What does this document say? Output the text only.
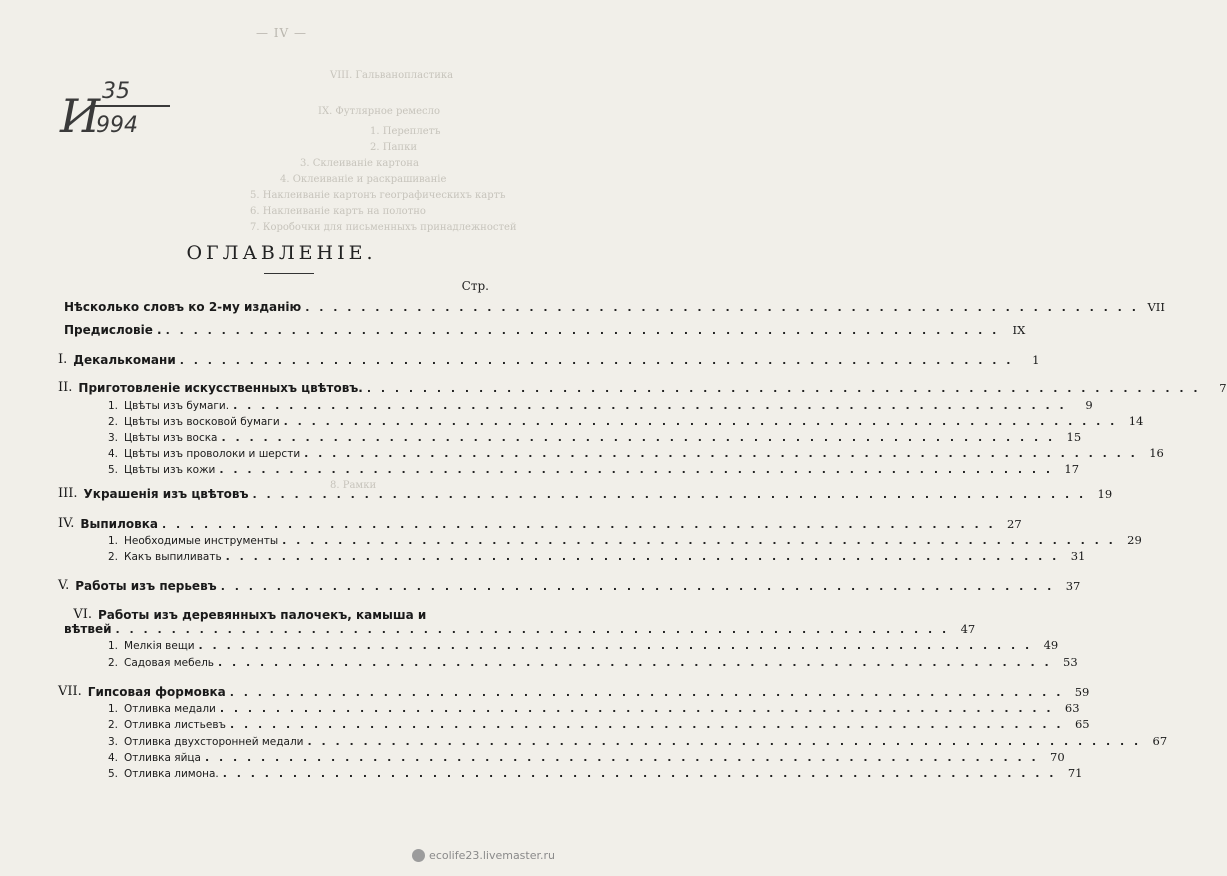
— IV —
VIII. Гальванопластика
IX. Футлярное ремесло
1. Переплетъ
2. Папки
3. Склеиваніе картона
4. Оклеиваніе и раскрашиваніе
5. Наклеиваніе картонъ географическихъ картъ
6. Наклеиваніе картъ на полотно
7. Коробочки для письменныхъ принадлежностей
8. Рамки
И 35
994
ОГЛАВЛЕНІЕ.
Стр.
Нѣсколько словъ ко 2-му изданію . . . . . . . . . . . . . . . . . . . . . . . . . . . . . . . . . . . . . . . . . . . . . . . . . . . . . . . . . . . . VII
Предисловіе . . . . . . . . . . . . . . . . . . . . . . . . . . . . . . . . . . . . . . . . . . . . . . . . . . . . . . . . . . . . .	IX
I. Декалькомани . . . . . . . . . . . . . . . . . . . . . . . . . . . . . . . . . . . . . . . . . . . . . . . . . . . . . . . . . . . .	1
II. Приготовленіе искусственныхъ цвѣтовъ. . . . . . . . . . . . . . . . . . . . . . . . . . . . . . . . . . . . . . . . . . . . . . . . . . . . . . . . . . . . .	7
1. Цвѣты изъ бумаги. . . . . . . . . . . . . . . . . . . . . . . . . . . . . . . . . . . . . . . . . . . . . . . . . . . . . . . . . . . . .	9
2. Цвѣты изъ восковой бумаги . . . . . . . . . . . . . . . . . . . . . . . . . . . . . . . . . . . . . . . . . . . . . . . . . . . . . . . . . . . . 14
3. Цвѣты изъ воска . . . . . . . . . . . . . . . . . . . . . . . . . . . . . . . . . . . . . . . . . . . . . . . . . . . . . . . . . . . . 15
4. Цвѣты изъ проволоки и шерсти . . . . . . . . . . . . . . . . . . . . . . . . . . . . . . . . . . . . . . . . . . . . . . . . . . . . . . . . . . . . 16
5. Цвѣты изъ кожи . . . . . . . . . . . . . . . . . . . . . . . . . . . . . . . . . . . . . . . . . . . . . . . . . . . . . . . . . . . . 17
III. Украшенія изъ цвѣтовъ . . . . . . . . . . . . . . . . . . . . . . . . . . . . . . . . . . . . . . . . . . . . . . . . . . . . . . . . . . . . 19
IV. Выпиловка . . . . . . . . . . . . . . . . . . . . . . . . . . . . . . . . . . . . . . . . . . . . . . . . . . . . . . . . . . . . 27
1. Необходимые инструменты . . . . . . . . . . . . . . . . . . . . . . . . . . . . . . . . . . . . . . . . . . . . . . . . . . . . . . . . . . . . 29
2. Какъ выпиливать . . . . . . . . . . . . . . . . . . . . . . . . . . . . . . . . . . . . . . . . . . . . . . . . . . . . . . . . . . . . 31
V. Работы изъ перьевъ . . . . . . . . . . . . . . . . . . . . . . . . . . . . . . . . . . . . . . . . . . . . . . . . . . . . . . . . . . . . 37
VI. Работы изъ деревянныхъ палочекъ, камыша и
вѣтвей . . . . . . . . . . . . . . . . . . . . . . . . . . . . . . . . . . . . . . . . . . . . . . . . . . . . . . . . . . . . 47
1. Мелкія вещи . . . . . . . . . . . . . . . . . . . . . . . . . . . . . . . . . . . . . . . . . . . . . . . . . . . . . . . . . . . . 49
2. Садовая мебель . . . . . . . . . . . . . . . . . . . . . . . . . . . . . . . . . . . . . . . . . . . . . . . . . . . . . . . . . . . . 53
VII. Гипсовая формовка . . . . . . . . . . . . . . . . . . . . . . . . . . . . . . . . . . . . . . . . . . . . . . . . . . . . . . . . . . . . 59
1. Отливка медали . . . . . . . . . . . . . . . . . . . . . . . . . . . . . . . . . . . . . . . . . . . . . . . . . . . . . . . . . . . . 63
2. Отливка листьевъ . . . . . . . . . . . . . . . . . . . . . . . . . . . . . . . . . . . . . . . . . . . . . . . . . . . . . . . . . . . . 65
3. Отливка двухсторонней медали . . . . . . . . . . . . . . . . . . . . . . . . . . . . . . . . . . . . . . . . . . . . . . . . . . . . . . . . . . . . 67
4. Отливка яйца . . . . . . . . . . . . . . . . . . . . . . . . . . . . . . . . . . . . . . . . . . . . . . . . . . . . . . . . . . . . 70
5. Отливка лимона. . . . . . . . . . . . . . . . . . . . . . . . . . . . . . . . . . . . . . . . . . . . . . . . . . . . . . . . . . . . . 71
ecolife23.livemaster.ru
